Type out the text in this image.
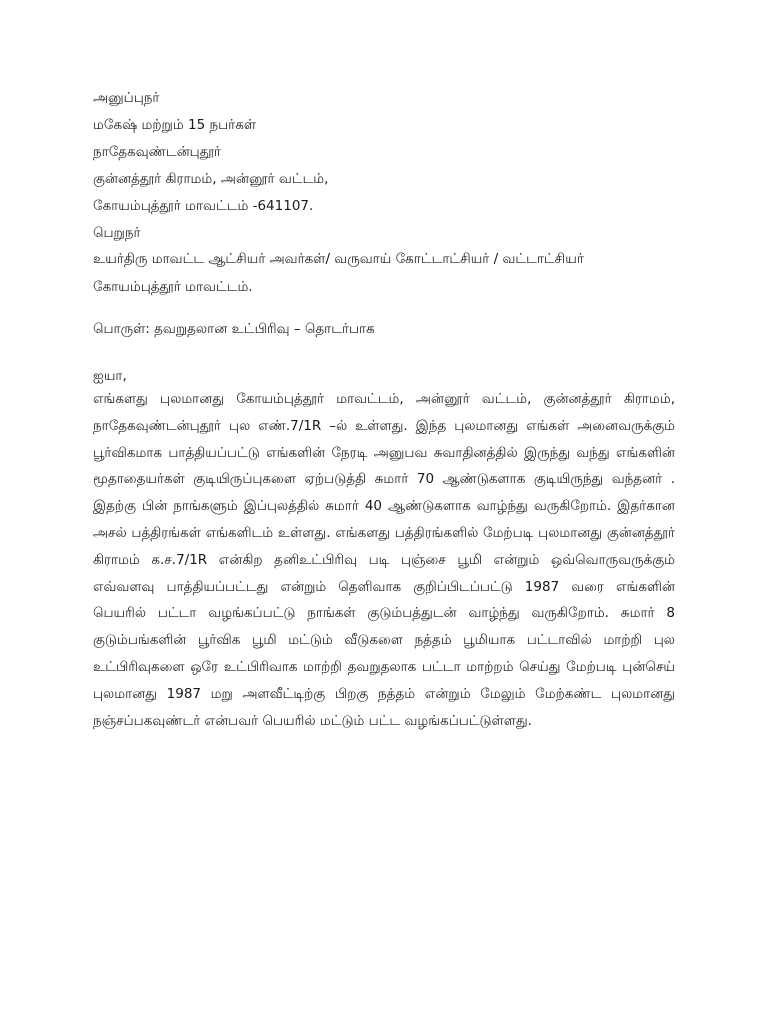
அனுப்புநர்
மகேஷ் மற்றும் 15 நபர்கள்
நாதேகவுண்டன்புதூர்
குன்னத்தூர் கிராமம், அன்னூர் வட்டம்,
கோயம்புத்தூர் மாவட்டம் -641107.
பெறுநர்
உயர்திரு மாவட்ட ஆட்சியர் அவர்கள்/ வருவாய் கோட்டாட்சியர் / வட்டாட்சியர்
கோயம்புத்தூர் மாவட்டம்.
பொருள்: தவறுதலான உட்பிரிவு – தொடர்பாக
ஐயா,

எங்களது புலமானது கோயம்புத்தூர் மாவட்டம், அன்னூர் வட்டம், குன்னத்தூர் கிராமம், நாதேகவுண்டன்புதூர் புல எண்.7/1R –ல் உள்ளது. இந்த புலமானது எங்கள் அனைவருக்கும் பூர்விகமாக பாத்தியப்பட்டு எங்களின் நேரடி அனுபவ சுவாதினத்தில் இருந்து வந்து எங்களின் மூதாதையர்கள் குடியிருப்புகளை ஏற்படுத்தி சுமார் 70 ஆண்டுகளாக குடியிருந்து வந்தனர் . இதற்கு பின் நாங்களும் இப்புலத்தில் சுமார் 40 ஆண்டுகளாக வாழ்ந்து வருகிறோம். இதர்கான அசல் பத்திரங்கள் எங்களிடம் உள்ளது. எங்களது பத்திரங்களில் மேற்படி புலமானது குன்னத்தூர் கிராமம் க.ச.7/1R என்கிற தனிஉட்பிரிவு படி புஞ்சை பூமி என்றும் ஒவ்வொருவருக்கும் எவ்வளவு பாத்தியப்பட்டது என்றும் தெளிவாக குறிப்பிடப்பட்டு 1987 வரை எங்களின் பெயரில் பட்டா வழங்கப்பட்டு நாங்கள் குடும்பத்துடன் வாழ்ந்து வருகிறோம். சுமார் 8 குடும்பங்களின் பூர்விக பூமி மட்டும் வீடுகளை நத்தம் பூமியாக பட்டாவில் மாற்றி புல உட்பிரிவுகளை ஒரே உட்பிரிவாக மாற்றி தவறுதலாக பட்டா மாற்றம் செய்து மேற்படி புன்செய் புலமானது 1987 மறு அளவீட்டிற்கு பிறகு நத்தம் என்றும் மேலும் மேற்கண்ட புலமானது நஞ்சப்பகவுண்டர் என்பவர் பெயரில் மட்டும் பட்ட வழங்கப்பட்டுள்ளது.
